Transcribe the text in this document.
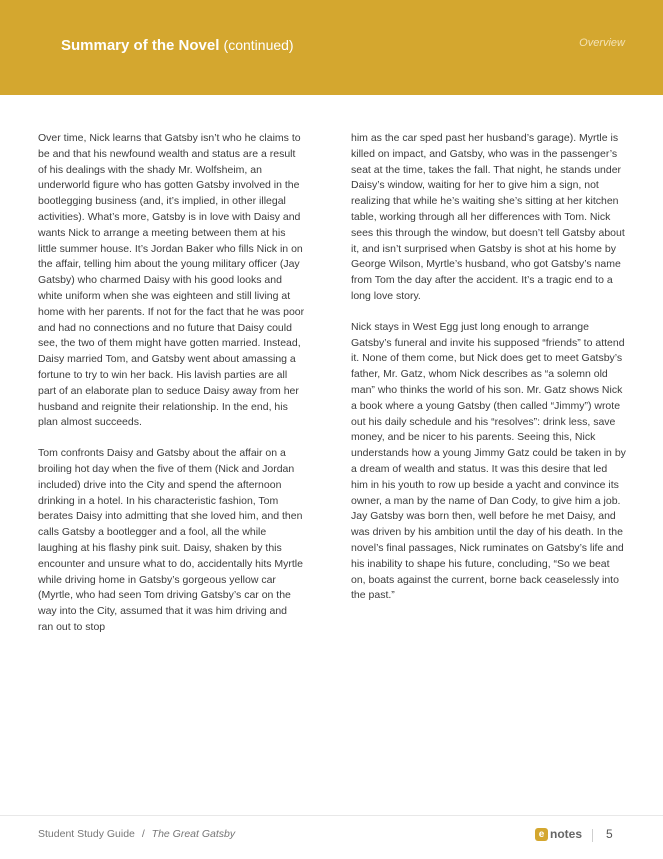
Summary of the Novel (continued)	Overview

Over time, Nick learns that Gatsby isn’t who he claims to be and that his newfound wealth and status are a result of his dealings with the shady Mr. Wolfsheim, an underworld figure who has gotten Gatsby involved in the bootlegging business (and, it’s implied, in other illegal activities). What’s more, Gatsby is in love with Daisy and wants Nick to arrange a meeting between them at his little summer house. It’s Jordan Baker who fills Nick in on the affair, telling him about the young military officer (Jay Gatsby) who charmed Daisy with his good looks and white uniform when she was eighteen and still living at home with her parents. If not for the fact that he was poor and had no connections and no future that Daisy could see, the two of them might have gotten married. Instead, Daisy married Tom, and Gatsby went about amassing a fortune to try to win her back. His lavish parties are all part of an elaborate plan to seduce Daisy away from her husband and reignite their relationship. In the end, his plan almost succeeds.

Tom confronts Daisy and Gatsby about the affair on a broiling hot day when the five of them (Nick and Jordan included) drive into the City and spend the afternoon drinking in a hotel. In his characteristic fashion, Tom berates Daisy into admitting that she loved him, and then calls Gatsby a bootlegger and a fool, all the while laughing at his flashy pink suit. Daisy, shaken by this encounter and unsure what to do, accidentally hits Myrtle while driving home in Gatsby’s gorgeous yellow car (Myrtle, who had seen Tom driving Gatsby’s car on the way into the City, assumed that it was him driving and ran out to stop

him as the car sped past her husband’s garage). Myrtle is killed on impact, and Gatsby, who was in the passenger’s seat at the time, takes the fall. That night, he stands under Daisy’s window, waiting for her to give him a sign, not realizing that while he’s waiting she’s sitting at her kitchen table, working through all her differences with Tom. Nick sees this through the window, but doesn’t tell Gatsby about it, and isn’t surprised when Gatsby is shot at his home by George Wilson, Myrtle’s husband, who got Gatsby’s name from Tom the day after the accident. It’s a tragic end to a long love story.

Nick stays in West Egg just long enough to arrange Gatsby’s funeral and invite his supposed “friends” to attend it. None of them come, but Nick does get to meet Gatsby’s father, Mr. Gatz, whom Nick describes as “a solemn old man” who thinks the world of his son. Mr. Gatz shows Nick a book where a young Gatsby (then called “Jimmy”) wrote out his daily schedule and his “resolves”: drink less, save money, and be nicer to his parents. Seeing this, Nick understands how a young Jimmy Gatz could be taken in by a dream of wealth and status. It was this desire that led him in his youth to row up beside a yacht and convince its owner, a man by the name of Dan Cody, to give him a job. Jay Gatsby was born then, well before he met Daisy, and was driven by his ambition until the day of his death. In the novel’s final passages, Nick ruminates on Gatsby’s life and his inability to shape his future, concluding, “So we beat on, boats against the current, borne back ceaselessly into the past.”

Student Study Guide / The Great Gatsby	e notes 5
